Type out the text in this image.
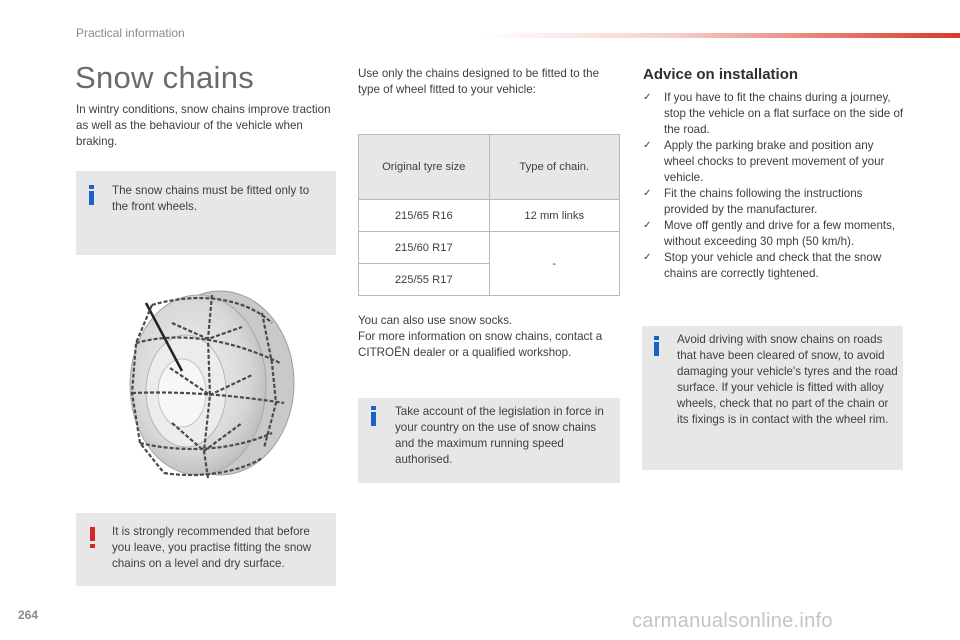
Practical information
Snow chains
In wintry conditions, snow chains improve traction as well as the behaviour of the vehicle when braking.
The snow chains must be fitted only to the front wheels.
It is strongly recommended that before you leave, you practise fitting the snow chains on a level and dry surface.
Use only the chains designed to be fitted to the type of wheel fitted to your vehicle:
Original tyre size	Type of chain.
215/65 R16	12 mm links
215/60 R17	-
225/55 R17	
You can also use snow socks.
For more information on snow chains, contact a CITROËN dealer or a qualified workshop.
Take account of the legislation in force in your country on the use of snow chains and the maximum running speed authorised.
Advice on installation
✓ If you have to fit the chains during a journey, stop the vehicle on a flat surface on the side of the road.
✓ Apply the parking brake and position any wheel chocks to prevent movement of your vehicle.
✓ Fit the chains following the instructions provided by the manufacturer.
✓ Move off gently and drive for a few moments, without exceeding 30 mph (50 km/h).
✓ Stop your vehicle and check that the snow chains are correctly tightened.
Avoid driving with snow chains on roads that have been cleared of snow, to avoid damaging your vehicle's tyres and the road surface. If your vehicle is fitted with alloy wheels, check that no part of the chain or its fixings is in contact with the wheel rim.
264	carmanualsonline.info
